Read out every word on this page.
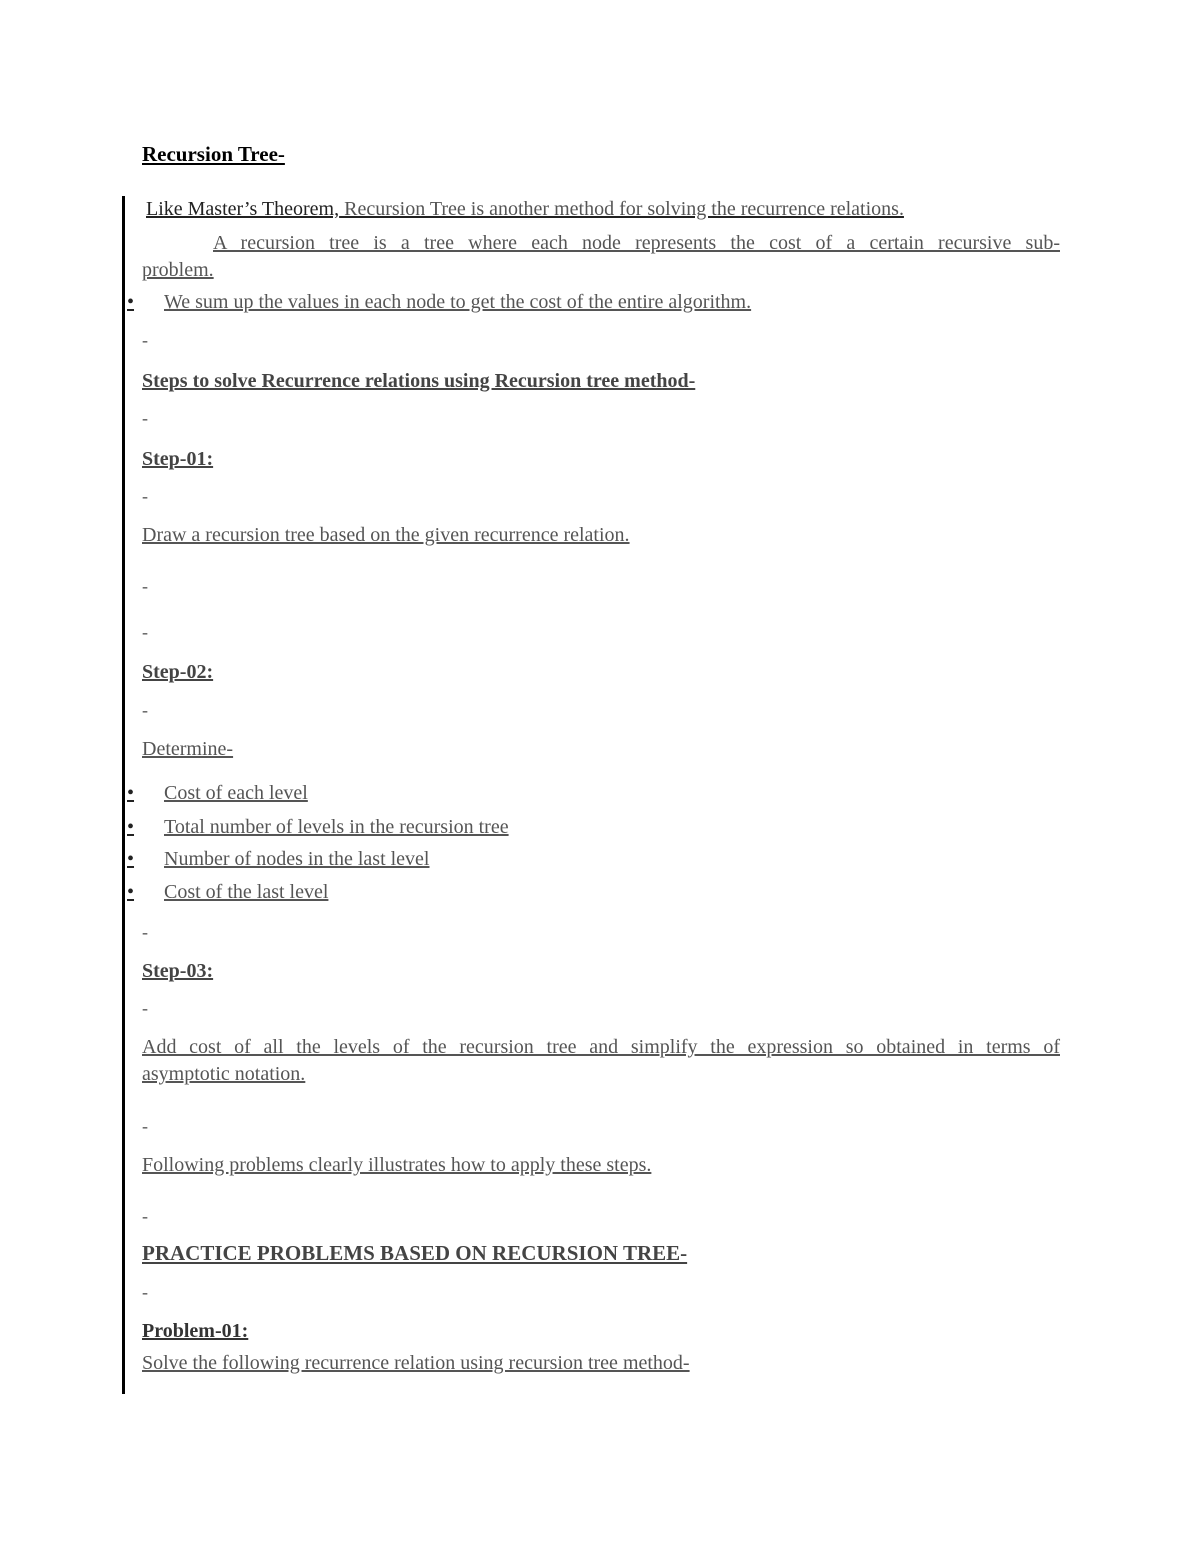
Recursion Tree-
Like Master’s Theorem, Recursion Tree is another method for solving the recurrence relations.
A recursion tree is a tree where each node represents the cost of a certain recursive sub-
problem.
• We sum up the values in each node to get the cost of the entire algorithm.
-
Steps to solve Recurrence relations using Recursion tree method-
-
Step-01:
-
Draw a recursion tree based on the given recurrence relation.
-
-
Step-02:
-
Determine-
• Cost of each level
• Total number of levels in the recursion tree
• Number of nodes in the last level
• Cost of the last level
-
Step-03:
-
Add cost of all the levels of the recursion tree and simplify the expression so obtained in terms of
asymptotic notation.
-
Following problems clearly illustrates how to apply these steps.
-
PRACTICE PROBLEMS BASED ON RECURSION TREE-
-
Problem-01:
Solve the following recurrence relation using recursion tree method-
